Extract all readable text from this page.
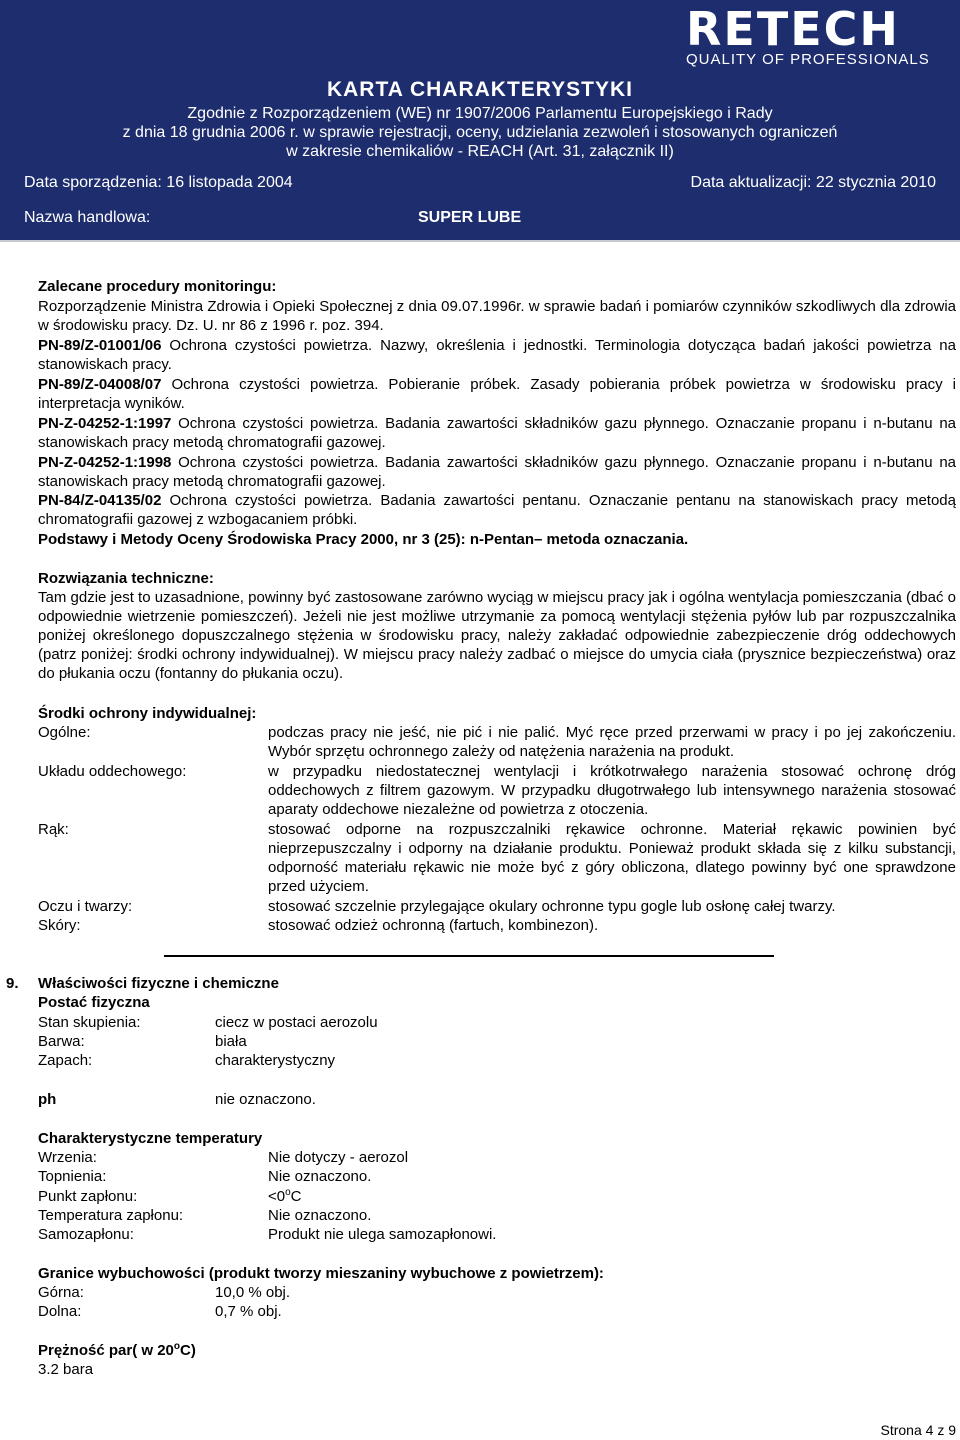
RETECH
QUALITY OF PROFESSIONALS
KARTA CHARAKTERYSTYKI
Zgodnie z Rozporządzeniem (WE) nr 1907/2006 Parlamentu Europejskiego i Rady
z dnia 18 grudnia 2006 r. w sprawie rejestracji, oceny, udzielania zezwoleń i stosowanych ograniczeń
w zakresie chemikaliów - REACH (Art. 31, załącznik II)
Data sporządzenia: 16 listopada 2004	Data aktualizacji: 22 stycznia 2010
Nazwa handlowa:	SUPER LUBE
Zalecane procedury monitoringu:
Rozporządzenie Ministra Zdrowia i Opieki Społecznej z dnia 09.07.1996r. w sprawie badań i pomiarów czynników szkodliwych dla zdrowia w środowisku pracy. Dz. U. nr 86 z 1996 r. poz. 394.
PN-89/Z-01001/06 Ochrona czystości powietrza. Nazwy, określenia i jednostki. Terminologia dotycząca badań jakości powietrza na stanowiskach pracy.
PN-89/Z-04008/07 Ochrona czystości powietrza. Pobieranie próbek. Zasady pobierania próbek powietrza w środowisku pracy i interpretacja wyników.
PN-Z-04252-1:1997 Ochrona czystości powietrza. Badania zawartości składników gazu płynnego. Oznaczanie propanu i n-butanu na stanowiskach pracy metodą chromatografii gazowej.
PN-Z-04252-1:1998 Ochrona czystości powietrza. Badania zawartości składników gazu płynnego. Oznaczanie propanu i n-butanu na stanowiskach pracy metodą chromatografii gazowej.
PN-84/Z-04135/02 Ochrona czystości powietrza. Badania zawartości pentanu. Oznaczanie pentanu na stanowiskach pracy metodą chromatografii gazowej z wzbogacaniem próbki.
Podstawy i Metody Oceny Środowiska Pracy 2000, nr 3 (25): n-Pentan– metoda oznaczania.
Rozwiązania techniczne:
Tam gdzie jest to uzasadnione, powinny być zastosowane zarówno wyciąg w miejscu pracy jak i ogólna wentylacja pomieszczania (dbać o odpowiednie wietrzenie pomieszczeń). Jeżeli nie jest możliwe utrzymanie za pomocą wentylacji stężenia pyłów lub par rozpuszczalnika poniżej określonego dopuszczalnego stężenia w środowisku pracy, należy zakładać odpowiednie zabezpieczenie dróg oddechowych (patrz poniżej: środki ochrony indywidualnej). W miejscu pracy należy zadbać o miejsce do umycia ciała (prysznice bezpieczeństwa) oraz do płukania oczu (fontanny do płukania oczu).
Środki ochrony indywidualnej:
Ogólne:	podczas pracy nie jeść, nie pić i nie palić. Myć ręce przed przerwami w pracy i po jej zakończeniu. Wybór sprzętu ochronnego zależy od natężenia narażenia na produkt.
Układu oddechowego:	w przypadku niedostatecznej wentylacji i krótkotrwałego narażenia stosować ochronę dróg oddechowych z filtrem gazowym. W przypadku długotrwałego lub intensywnego narażenia stosować aparaty oddechowe niezależne od powietrza z otoczenia.
Rąk:	stosować odporne na rozpuszczalniki rękawice ochronne. Materiał rękawic powinien być nieprzepuszczalny i odporny na działanie produktu. Ponieważ produkt składa się z kilku substancji, odporność materiału rękawic nie może być z góry obliczona, dlatego powinny być one sprawdzone przed użyciem.
Oczu i twarzy:	stosować szczelnie przylegające okulary ochronne typu gogle lub osłonę całej twarzy.
Skóry:	stosować odzież ochronną (fartuch, kombinezon).
9. Właściwości fizyczne i chemiczne
Postać fizyczna
Stan skupienia:	ciecz w postaci aerozolu
Barwa:	biała
Zapach:	charakterystyczny
ph	nie oznaczono.
Charakterystyczne temperatury
Wrzenia:	Nie dotyczy - aerozol
Topnienia:	Nie oznaczono.
Punkt zapłonu:	$<0^oC$
Temperatura zapłonu:	Nie oznaczono.
Samozapłonu:	Produkt nie ulega samozapłonowi.
Granice wybuchowości (produkt tworzy mieszaniny wybuchowe z powietrzem):
Górna:	10,0 % obj.
Dolna:	0,7 % obj.
Prężność par( w 20$^o$C)
3.2 bara
Strona 4 z 9
